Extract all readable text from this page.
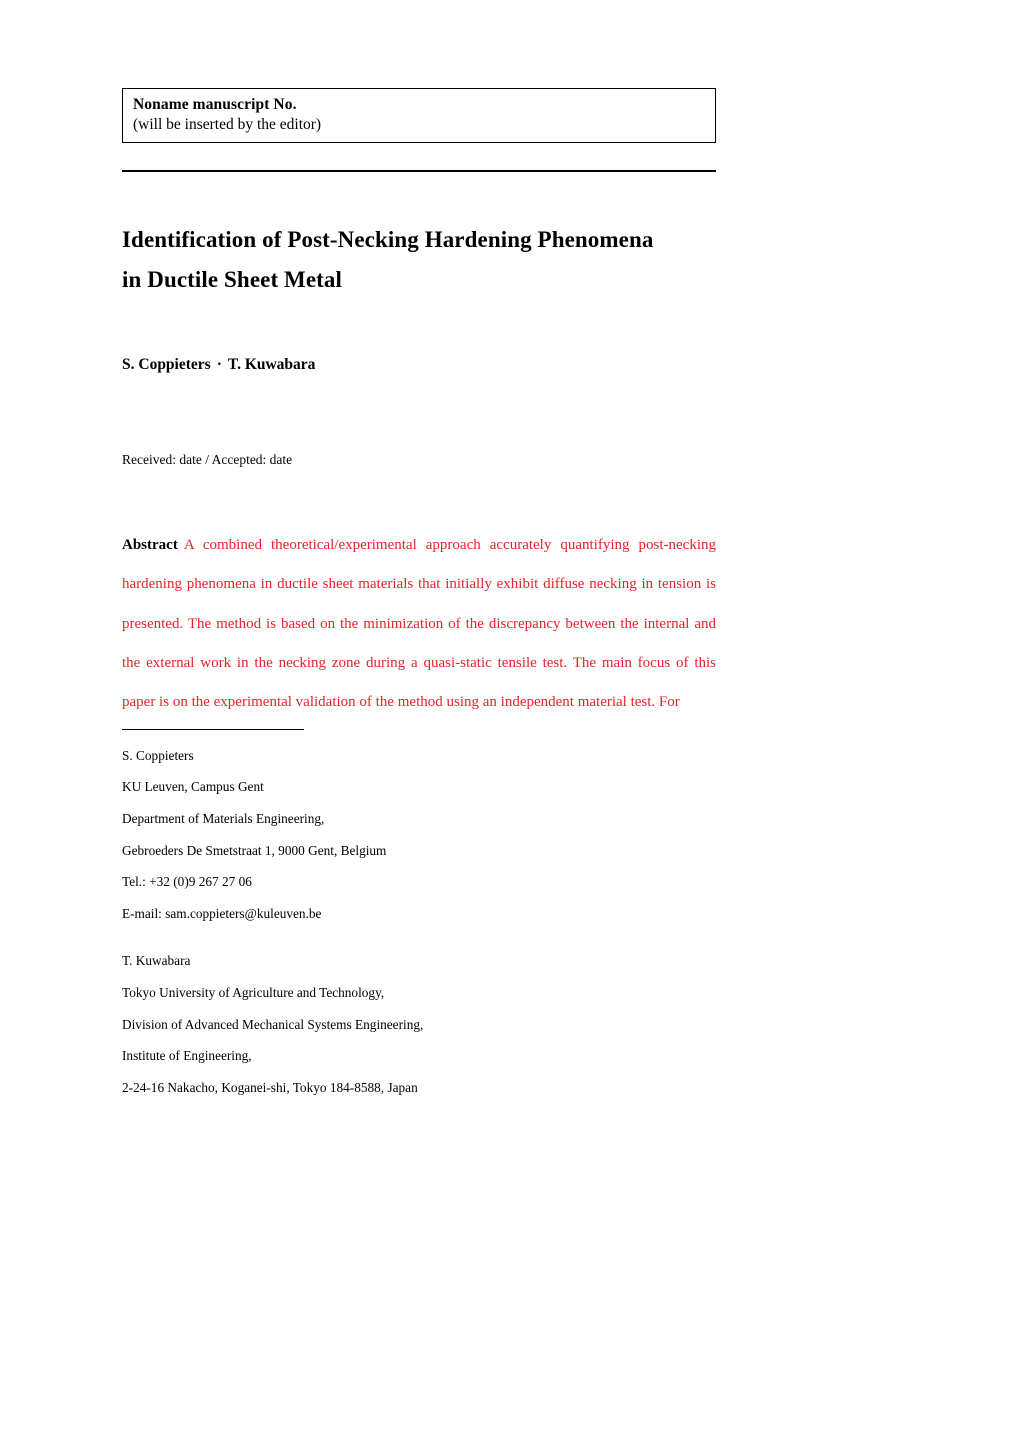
Noname manuscript No.
(will be inserted by the editor)
Identification of Post-Necking Hardening Phenomena
in Ductile Sheet Metal
S. Coppieters · T. Kuwabara
Received: date / Accepted: date
Abstract A combined theoretical/experimental approach accurately quantifying post-necking hardening phenomena in ductile sheet materials that initially exhibit diffuse necking in tension is presented. The method is based on the minimization of the discrepancy between the internal and the external work in the necking zone during a quasi-static tensile test. The main focus of this paper is on the experimental validation of the method using an independent material test. For
S. Coppieters
KU Leuven, Campus Gent
Department of Materials Engineering,
Gebroeders De Smetstraat 1, 9000 Gent, Belgium
Tel.: +32 (0)9 267 27 06
E-mail: sam.coppieters@kuleuven.be
T. Kuwabara
Tokyo University of Agriculture and Technology,
Division of Advanced Mechanical Systems Engineering,
Institute of Engineering,
2-24-16 Nakacho, Koganei-shi, Tokyo 184-8588, Japan
